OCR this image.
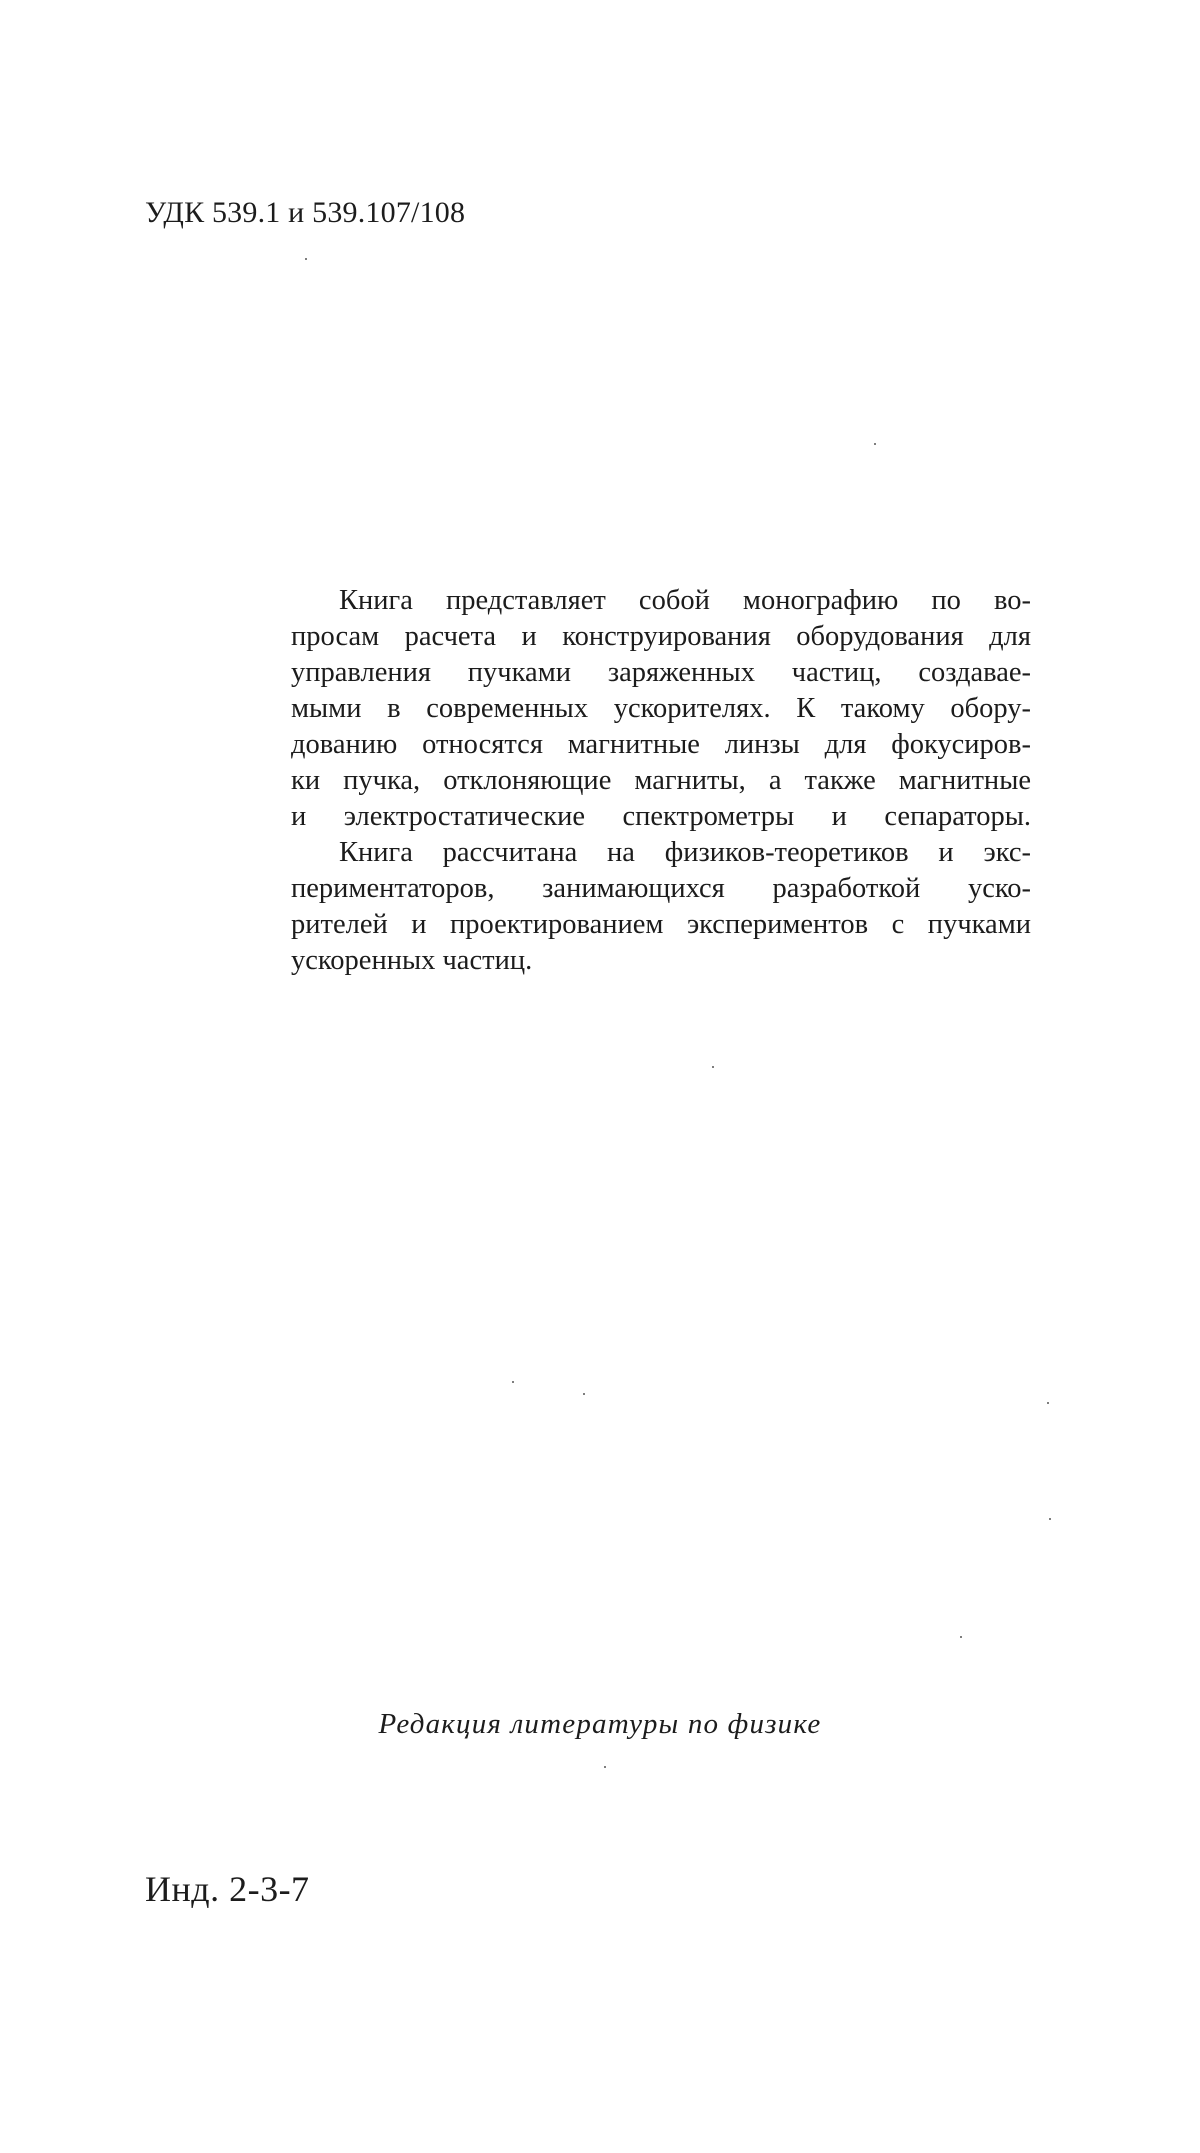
УДК 539.1 и 539.107/108

Книга представляет собой монографию по во-
просам расчета и конструирования оборудования для
управления пучками заряженных частиц, создавае-
мыми в современных ускорителях. К такому обору-
дованию относятся магнитные линзы для фокусиров-
ки пучка, отклоняющие магниты, а также магнитные
и электростатические спектрометры и сепараторы.

Книга рассчитана на физиков-теоретиков и экс-
периментаторов, занимающихся разработкой уско-
рителей и проектированием экспериментов с пучками
ускоренных частиц.

Редакция литературы по физике
Инд. 2-3-7
